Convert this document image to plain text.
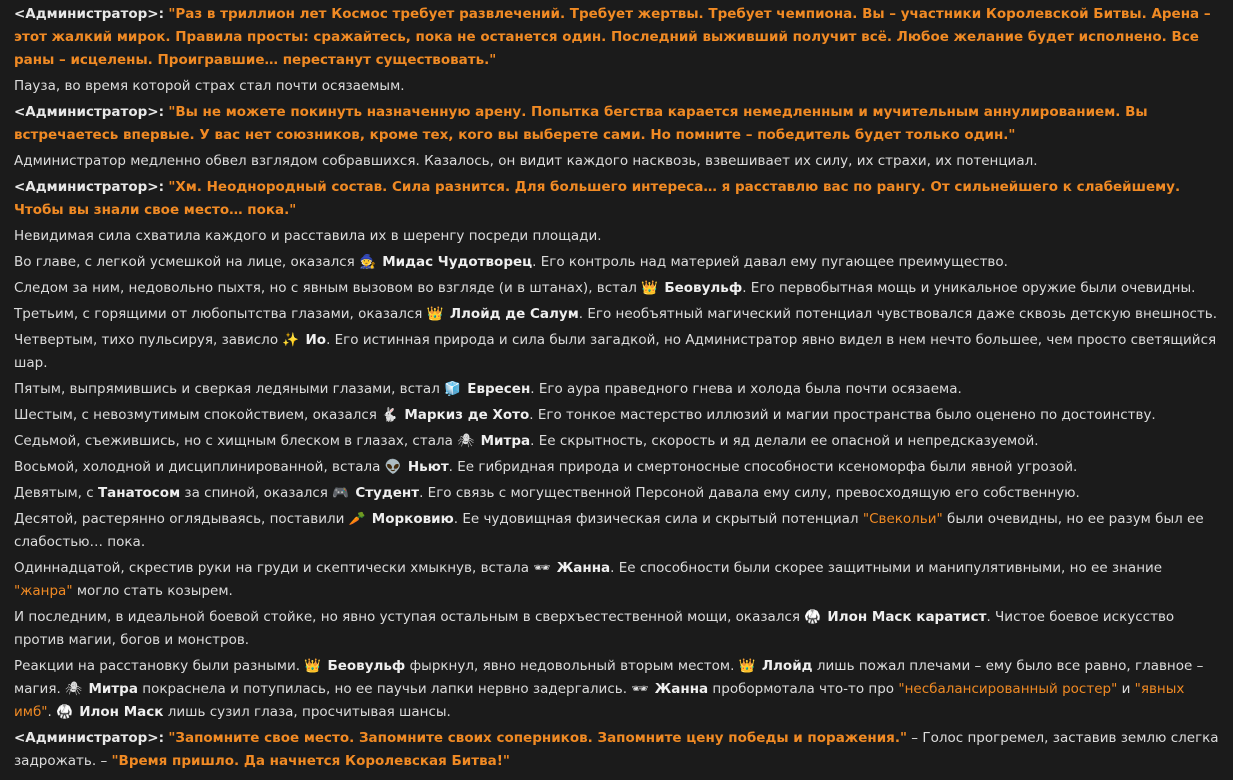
<Администратор>: "Раз в триллион лет Космос требует развлечений. Требует жертвы. Требует чемпиона. Вы – участники Королевской Битвы. Арена – этот жалкий мирок. Правила просты: сражайтесь, пока не останется один. Последний выживший получит всё. Любое желание будет исполнено. Все раны – исцелены. Проигравшие… перестанут существовать."
Пауза, во время которой страх стал почти осязаемым.
<Администратор>: "Вы не можете покинуть назначенную арену. Попытка бегства карается немедленным и мучительным аннулированием. Вы встречаетесь впервые. У вас нет союзников, кроме тех, кого вы выберете сами. Но помните – победитель будет только один."
Администратор медленно обвел взглядом собравшихся. Казалось, он видит каждого насквозь, взвешивает их силу, их страхи, их потенциал.
<Администратор>: "Хм. Неоднородный состав. Сила разнится. Для большего интереса… я расставлю вас по рангу. От сильнейшего к слабейшему. Чтобы вы знали свое место… пока."
Невидимая сила схватила каждого и расставила их в шеренгу посреди площади.
Во главе, с легкой усмешкой на лице, оказался 🧙 Мидас Чудотворец. Его контроль над материей давал ему пугающее преимущество.
Следом за ним, недовольно пыхтя, но с явным вызовом во взгляде (и в штанах), встал 👑 Беовульф. Его первобытная мощь и уникальное оружие были очевидны.
Третьим, с горящими от любопытства глазами, оказался 👑 Ллойд де Салум. Его необъятный магический потенциал чувствовался даже сквозь детскую внешность.
Четвертым, тихо пульсируя, зависло ✨ Ио. Его истинная природа и сила были загадкой, но Администратор явно видел в нем нечто большее, чем просто светящийся шар.
Пятым, выпрямившись и сверкая ледяными глазами, встал 🧊 Евресен. Его аура праведного гнева и холода была почти осязаема.
Шестым, с невозмутимым спокойствием, оказался 🐇 Маркиз де Хото. Его тонкое мастерство иллюзий и магии пространства было оценено по достоинству.
Седьмой, съежившись, но с хищным блеском в глазах, стала 🕷 Митра. Ее скрытность, скорость и яд делали ее опасной и непредсказуемой.
Восьмой, холодной и дисциплинированной, встала 👽 Ньют. Ее гибридная природа и смертоносные способности ксеноморфа были явной угрозой.
Девятым, с Танатосом за спиной, оказался 🎮 Студент. Его связь с могущественной Персоной давала ему силу, превосходящую его собственную.
Десятой, растерянно оглядываясь, поставили 🥕 Морковию. Ее чудовищная физическая сила и скрытый потенциал "Свекольи" были очевидны, но ее разум был ее слабостью… пока.
Одиннадцатой, скрестив руки на груди и скептически хмыкнув, встала 🕶 Жанна. Ее способности были скорее защитными и манипулятивными, но ее знание "жанра" могло стать козырем.
И последним, в идеальной боевой стойке, но явно уступая остальным в сверхъестественной мощи, оказался 🥋 Илон Маск каратист. Чистое боевое искусство против магии, богов и монстров.
Реакции на расстановку были разными. 👑 Беовульф фыркнул, явно недовольный вторым местом. 👑 Ллойд лишь пожал плечами – ему было все равно, главное – магия. 🕷 Митра покраснела и потупилась, но ее паучьи лапки нервно задергались. 🕶 Жанна пробормотала что-то про "несбалансированный ростер" и "явных имб". 🥋 Илон Маск лишь сузил глаза, просчитывая шансы.
<Администратор>: "Запомните свое место. Запомните своих соперников. Запомните цену победы и поражения." – Голос прогремел, заставив землю слегка задрожать. – "Время пришло. Да начнется Королевская Битва!"
